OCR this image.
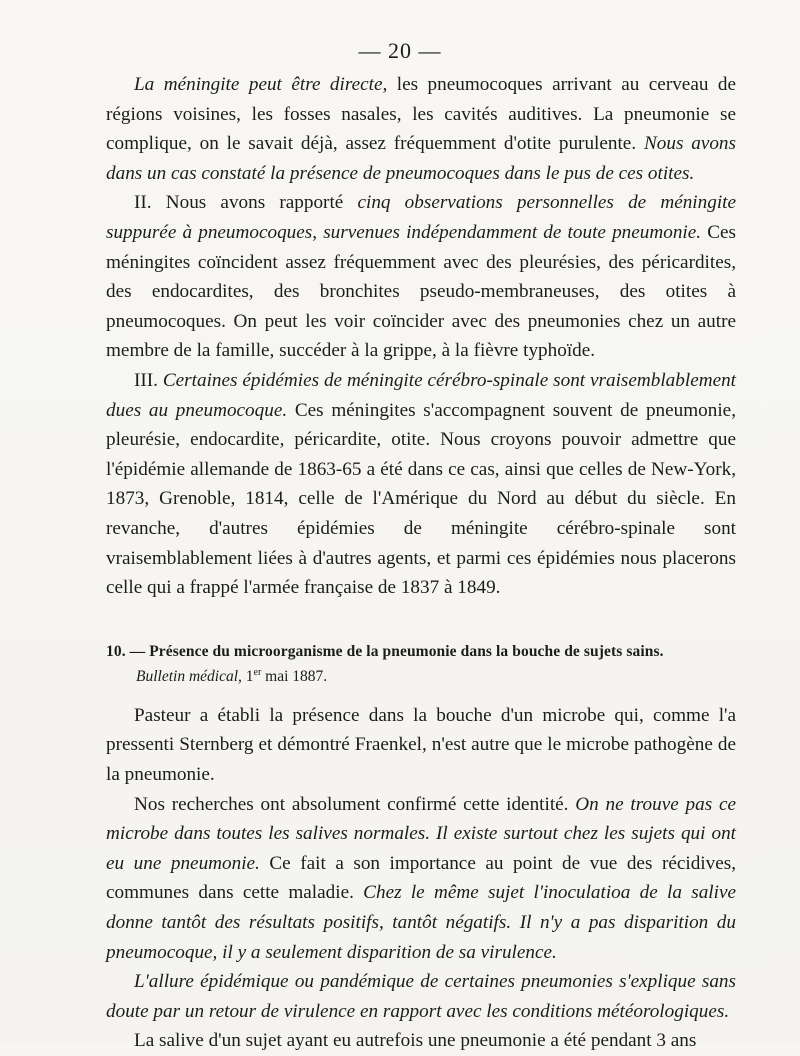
— 20 —

La méningite peut être directe, les pneumocoques arrivant au cerveau de régions voisines, les fosses nasales, les cavités auditives. La pneumonie se complique, on le savait déjà, assez fréquemment d'otite purulente. Nous avons dans un cas constaté la présence de pneumocoques dans le pus de ces otites.

II. Nous avons rapporté cinq observations personnelles de méningite suppurée à pneumocoques, survenues indépendamment de toute pneumonie. Ces méningites coïncident assez fréquemment avec des pleurésies, des péricardites, des endocardites, des bronchites pseudo-membraneuses, des otites à pneumocoques. On peut les voir coïncider avec des pneumonies chez un autre membre de la famille, succéder à la grippe, à la fièvre typhoïde.

III. Certaines épidémies de méningite cérébro-spinale sont vraisemblablement dues au pneumocoque. Ces méningites s'accompagnent souvent de pneumonie, pleurésie, endocardite, péricardite, otite. Nous croyons pouvoir admettre que l'épidémie allemande de 1863-65 a été dans ce cas, ainsi que celles de New-York, 1873, Grenoble, 1814, celle de l'Amérique du Nord au début du siècle. En revanche, d'autres épidémies de méningite cérébro-spinale sont vraisemblablement liées à d'autres agents, et parmi ces épidémies nous placerons celle qui a frappé l'armée française de 1837 à 1849.

10. — Présence du microorganisme de la pneumonie dans la bouche de sujets sains.

Bulletin médical, 1er mai 1887.

Pasteur a établi la présence dans la bouche d'un microbe qui, comme l'a pressenti Sternberg et démontré Fraenkel, n'est autre que le microbe pathogène de la pneumonie.

Nos recherches ont absolument confirmé cette identité. On ne trouve pas ce microbe dans toutes les salives normales. Il existe surtout chez les sujets qui ont eu une pneumonie. Ce fait a son importance au point de vue des récidives, communes dans cette maladie. Chez le même sujet l'inoculatioa de la salive donne tantôt des résultats positifs, tantôt négatifs. Il n'y a pas disparition du pneumocoque, il y a seulement disparition de sa virulence.

L'allure épidémique ou pandémique de certaines pneumonies s'explique sans doute par un retour de virulence en rapport avec les conditions météorologiques.

La salive d'un sujet ayant eu autrefois une pneumonie a été pendant 3 ans
